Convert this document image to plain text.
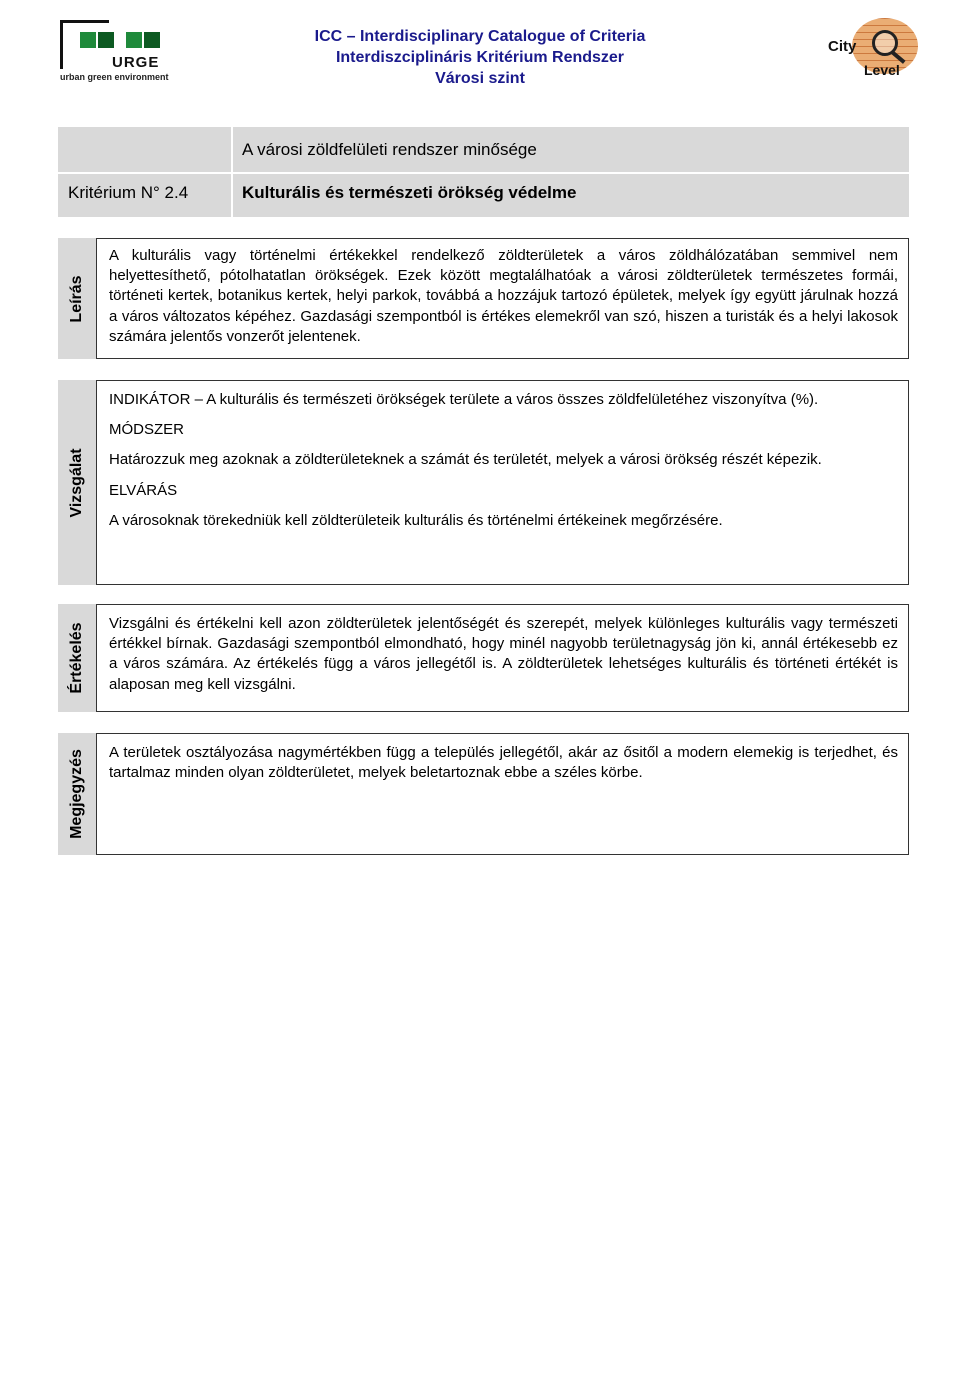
URGE
urban green environment
ICC – Interdisciplinary Catalogue of Criteria
Interdiszciplináris Kritérium Rendszer
Városi szint
City
Level
A városi zöldfelületi rendszer minősége
Kritérium N° 2.4	Kulturális és természeti örökség védelme
Leírás

A kulturális vagy történelmi értékekkel rendelkező zöldterületek a város zöldhálózatában semmivel nem helyettesíthető, pótolhatatlan örökségek. Ezek között megtalálhatóak a városi zöldterületek természetes formái, történeti kertek, botanikus kertek, helyi parkok, továbbá a hozzájuk tartozó épületek, melyek így együtt járulnak hozzá a város változatos képéhez. Gazdasági szempontból is értékes elemekről van szó, hiszen a turisták és a helyi lakosok számára jelentős vonzerőt jelentenek.

Vizsgálat

INDIKÁTOR – A kulturális és természeti örökségek területe a város összes zöldfelületéhez viszonyítva (%).

MÓDSZER

Határozzuk meg azoknak a zöldterületeknek a számát és területét, melyek a városi örökség részét képezik.

ELVÁRÁS

A városoknak törekedniük kell zöldterületeik kulturális és történelmi értékeinek megőrzésére.

Értékelés Vizsgálni és értékelni kell azon zöldterületek jelentőségét és szerepét, melyek különleges kulturális vagy természeti értékkel bírnak. Gazdasági szempontból elmondható, hogy minél nagyobb területnagyság jön ki, annál értékesebb ez a város számára. Az értékelés függ a város jellegétől is. A zöldterületek lehetséges kulturális és történeti értékét is alaposan meg kell vizsgálni.

Megjegyzés A területek osztályozása nagymértékben függ a település jellegétől, akár az ősitől a modern elemekig is terjedhet, és tartalmaz minden olyan zöldterületet, melyek beletartoznak ebbe a széles körbe.
